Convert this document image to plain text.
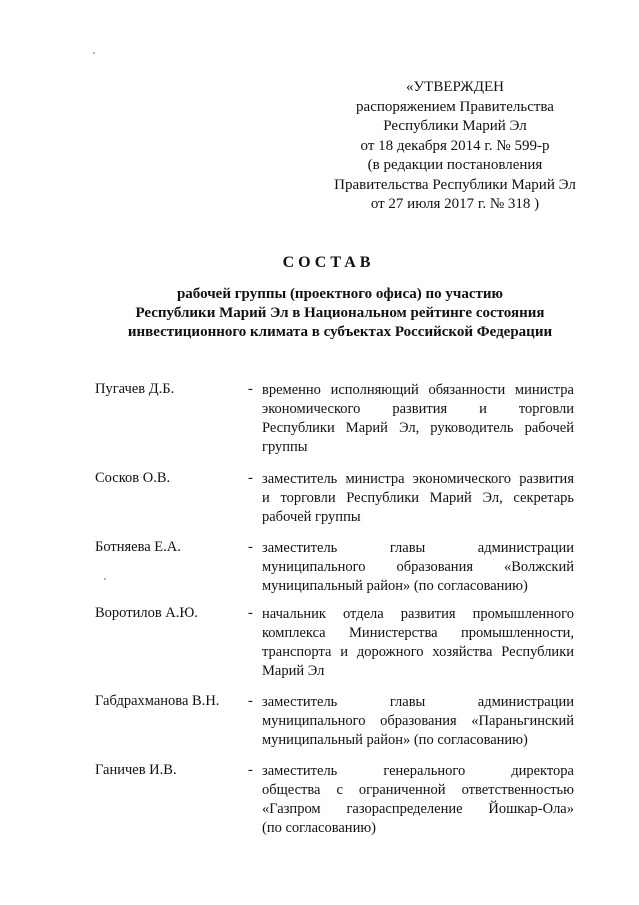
«УТВЕРЖДЕН
распоряжением Правительства
Республики Марий Эл
от 18 декабря 2014 г. № 599-р
(в редакции постановления
Правительства Республики Марий Эл
от 27 июля 2017 г. № 318 )
СОСТАВ
рабочей группы (проектного офиса) по участию
Республики Марий Эл в Национальном рейтинге состояния
инвестиционного климата в субъектах Российской Федерации
Пугачев Д.Б.	- временно исполняющий обязанности министра
экономического развития и торговли
Республики Марий Эл, руководитель рабочей
группы
Сосков О.В.	- заместитель министра экономического развития
и торговли Республики Марий Эл, секретарь
рабочей группы
Ботняева Е.А.	- заместитель главы администрации
муниципального образования «Волжский
муниципальный район» (по согласованию)
Воротилов А.Ю.	- начальник отдела развития промышленного
комплекса Министерства промышленности,
транспорта и дорожного хозяйства Республики
Марий Эл
Габдрахманова В.Н. - заместитель главы администрации
муниципального образования «Параньгинский
муниципальный район» (по согласованию)
Ганичев И.В.	- заместитель генерального директора
общества с ограниченной ответственностью
«Газпром газораспределение Йошкар-Ола»
(по согласованию)
